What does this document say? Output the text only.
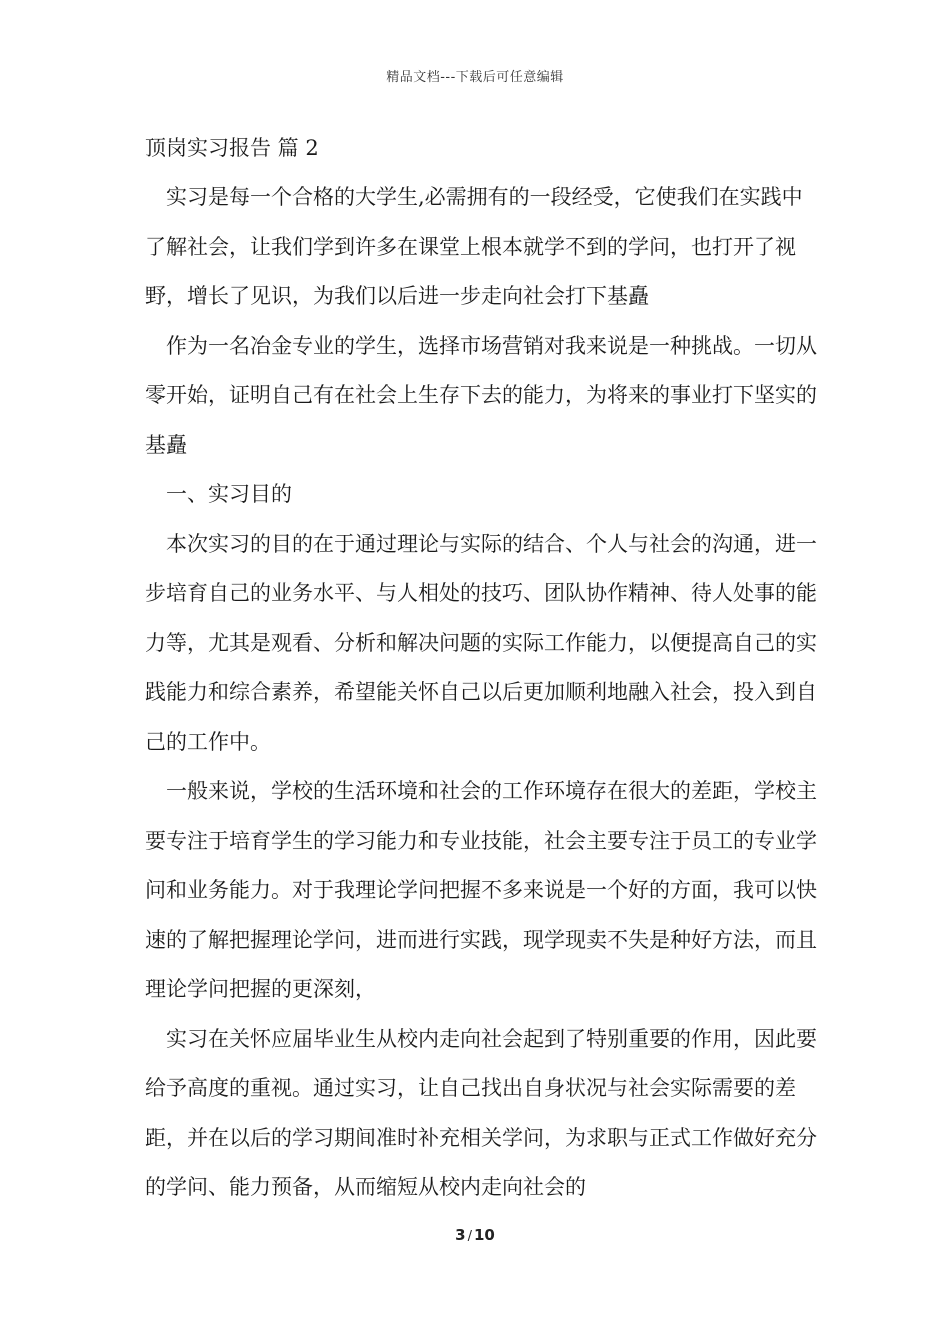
精品文档---下载后可任意编辑
顶岗实习报告 篇 2

实习是每一个合格的大学生,必需拥有的一段经受，它使我们在实践中了解社会，让我们学到许多在课堂上根本就学不到的学问，也打开了视野，增长了见识，为我们以后进一步走向社会打下基矗

作为一名冶金专业的学生，选择市场营销对我来说是一种挑战。一切从零开始，证明自己有在社会上生存下去的能力，为将来的事业打下坚实的基矗

一、实习目的

本次实习的目的在于通过理论与实际的结合、个人与社会的沟通，进一步培育自己的业务水平、与人相处的技巧、团队协作精神、待人处事的能力等，尤其是观看、分析和解决问题的实际工作能力，以便提高自己的实践能力和综合素养，希望能关怀自己以后更加顺利地融入社会，投入到自己的工作中。

一般来说，学校的生活环境和社会的工作环境存在很大的差距，学校主要专注于培育学生的学习能力和专业技能，社会主要专注于员工的专业学问和业务能力。对于我理论学问把握不多来说是一个好的方面，我可以快速的了解把握理论学问，进而进行实践，现学现卖不失是种好方法，而且理论学问把握的更深刻，

实习在关怀应届毕业生从校内走向社会起到了特别重要的作用，因此要给予高度的重视。通过实习，让自己找出自身状况与社会实际需要的差距，并在以后的学习期间准时补充相关学问，为求职与正式工作做好充分的学问、能力预备，从而缩短从校内走向社会的

3 / 10
